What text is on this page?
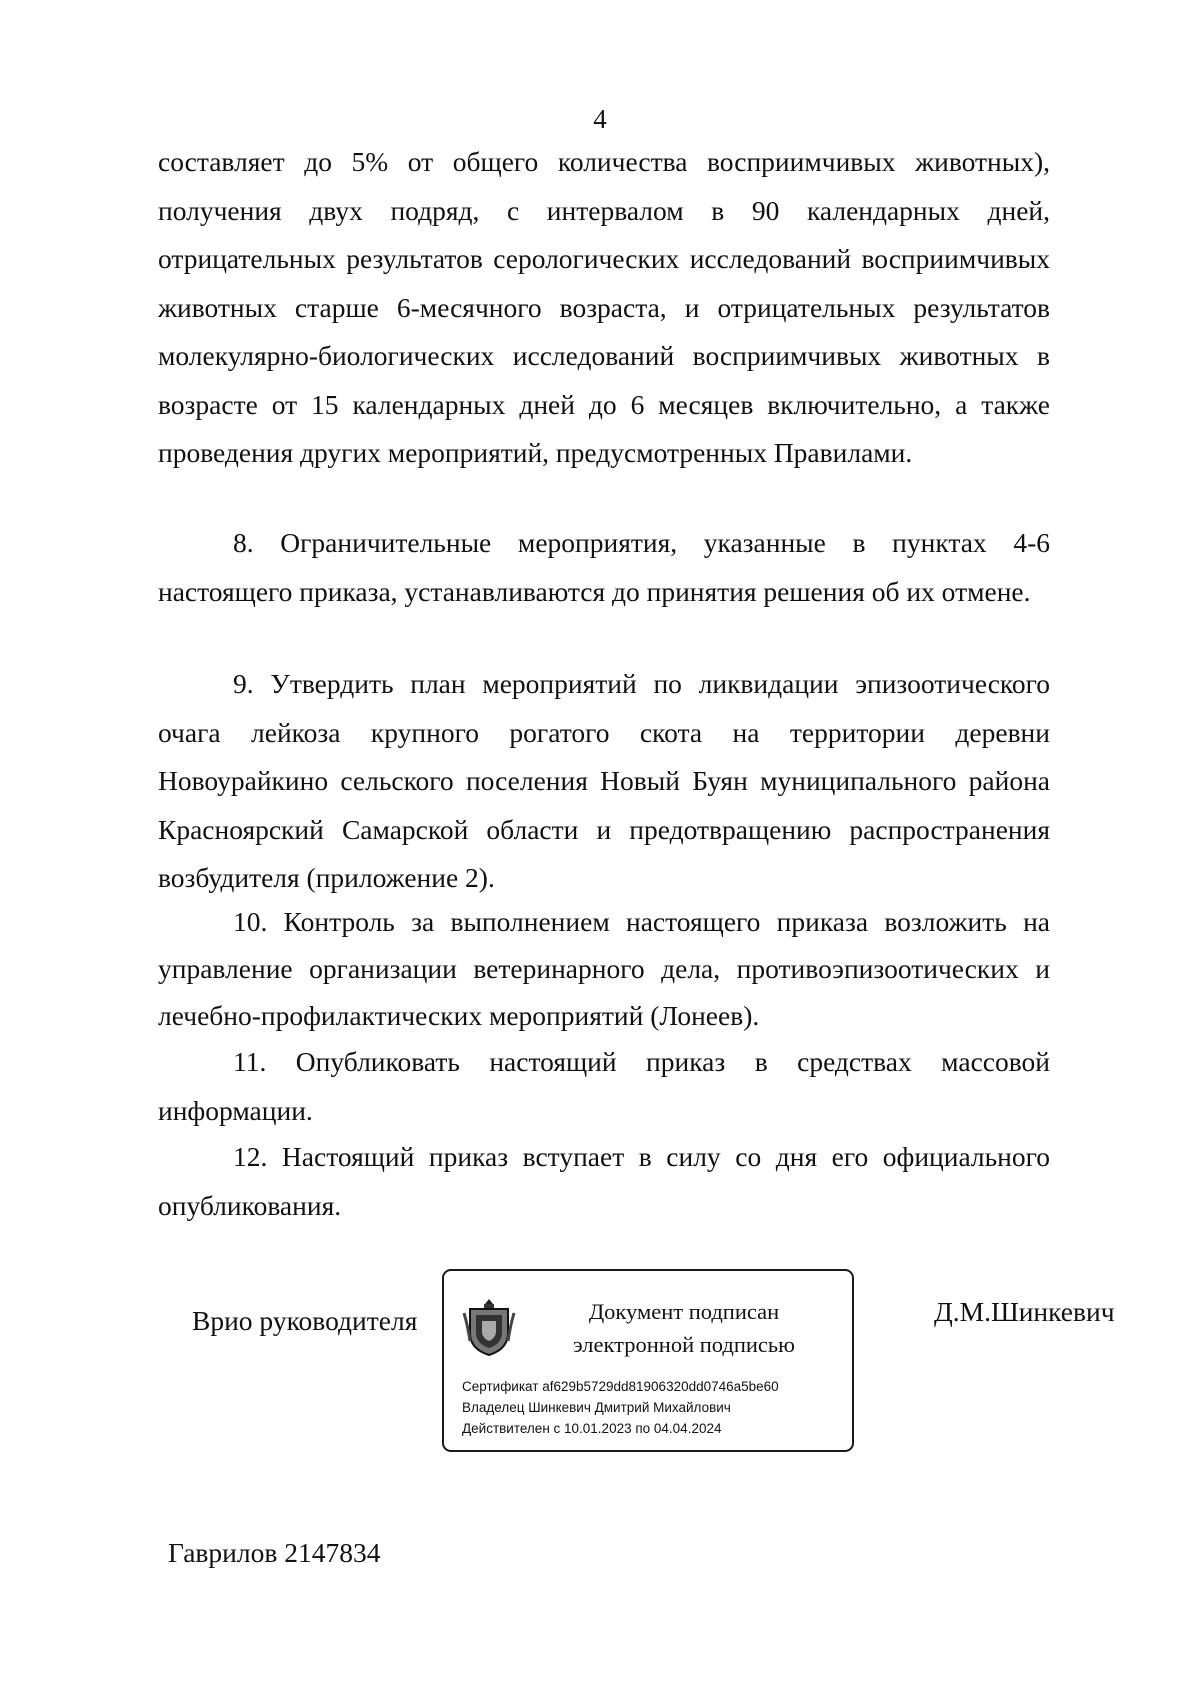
4
составляет до 5% от общего количества восприимчивых животных), получения двух подряд, с интервалом в 90 календарных дней, отрицательных результатов серологических исследований восприимчивых животных старше 6-месячного возраста, и отрицательных результатов молекулярно-биологических исследований восприимчивых животных в возрасте от 15 календарных дней до 6 месяцев включительно, а также проведения других мероприятий, предусмотренных Правилами.
8. Ограничительные мероприятия, указанные в пунктах 4-6 настоящего приказа, устанавливаются до принятия решения об их отмене.
9. Утвердить план мероприятий по ликвидации эпизоотического очага лейкоза крупного рогатого скота на территории деревни Новоурайкино сельского поселения Новый Буян муниципального района Красноярский Самарской области и предотвращению распространения возбудителя (приложение 2).
10. Контроль за выполнением настоящего приказа возложить на управление организации ветеринарного дела, противоэпизоотических и лечебно-профилактических мероприятий (Лонеев).
11. Опубликовать настоящий приказ в средствах массовой информации.
12. Настоящий приказ вступает в силу со дня его официального опубликования.
Врио руководителя	Документ подписан
электронной подписью
Сертификат af629b5729dd81906320dd0746a5be60
Владелец Шинкевич Дмитрий Михайлович
Действителен с 10.01.2023 по 04.04.2024
Д.М.Шинкевич
Гаврилов 2147834
